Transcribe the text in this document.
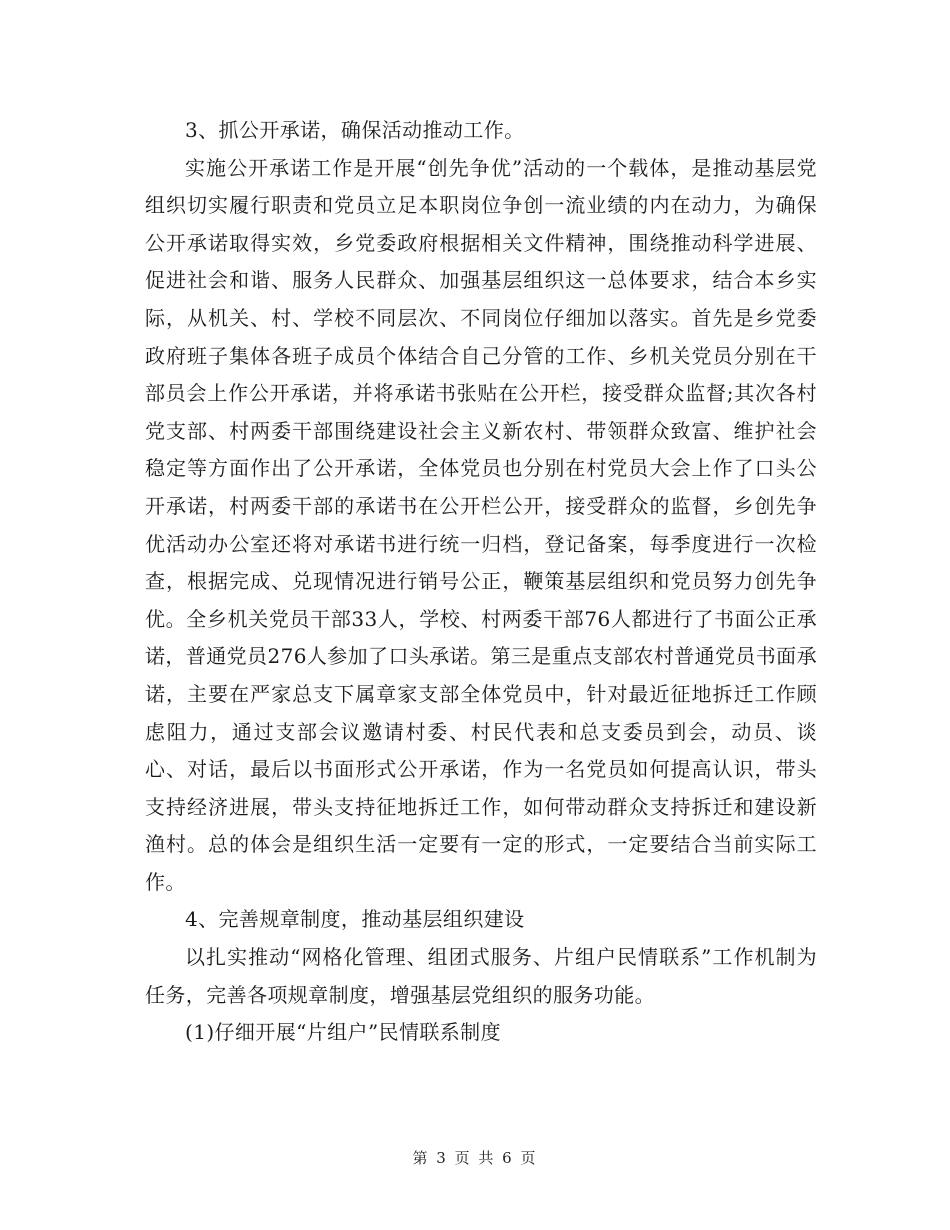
3、抓公开承诺，确保活动推动工作。

实施公开承诺工作是开展“创先争优”活动的一个载体，是推动基层党组织切实履行职责和党员立足本职岗位争创一流业绩的内在动力，为确保公开承诺取得实效，乡党委政府根据相关文件精神，围绕推动科学进展、促进社会和谐、服务人民群众、加强基层组织这一总体要求，结合本乡实际，从机关、村、学校不同层次、不同岗位仔细加以落实。首先是乡党委政府班子集体各班子成员个体结合自己分管的工作、乡机关党员分别在干部员会上作公开承诺，并将承诺书张贴在公开栏，接受群众监督;其次各村党支部、村两委干部围绕建设社会主义新农村、带领群众致富、维护社会稳定等方面作出了公开承诺，全体党员也分别在村党员大会上作了口头公开承诺，村两委干部的承诺书在公开栏公开，接受群众的监督，乡创先争优活动办公室还将对承诺书进行统一归档，登记备案，每季度进行一次检查，根据完成、兑现情况进行销号公正，鞭策基层组织和党员努力创先争优。全乡机关党员干部33人，学校、村两委干部76人都进行了书面公正承诺，普通党员276人参加了口头承诺。第三是重点支部农村普通党员书面承诺，主要在严家总支下属章家支部全体党员中，针对最近征地拆迁工作顾虑阻力，通过支部会议邀请村委、村民代表和总支委员到会，动员、谈心、对话，最后以书面形式公开承诺，作为一名党员如何提高认识，带头支持经济进展，带头支持征地拆迁工作，如何带动群众支持拆迁和建设新渔村。总的体会是组织生活一定要有一定的形式，一定要结合当前实际工作。

4、完善规章制度，推动基层组织建设

以扎实推动“网格化管理、组团式服务、片组户民情联系”工作机制为任务，完善各项规章制度，增强基层党组织的服务功能。

(1)仔细开展“片组户”民情联系制度

第 3 页 共 6 页
